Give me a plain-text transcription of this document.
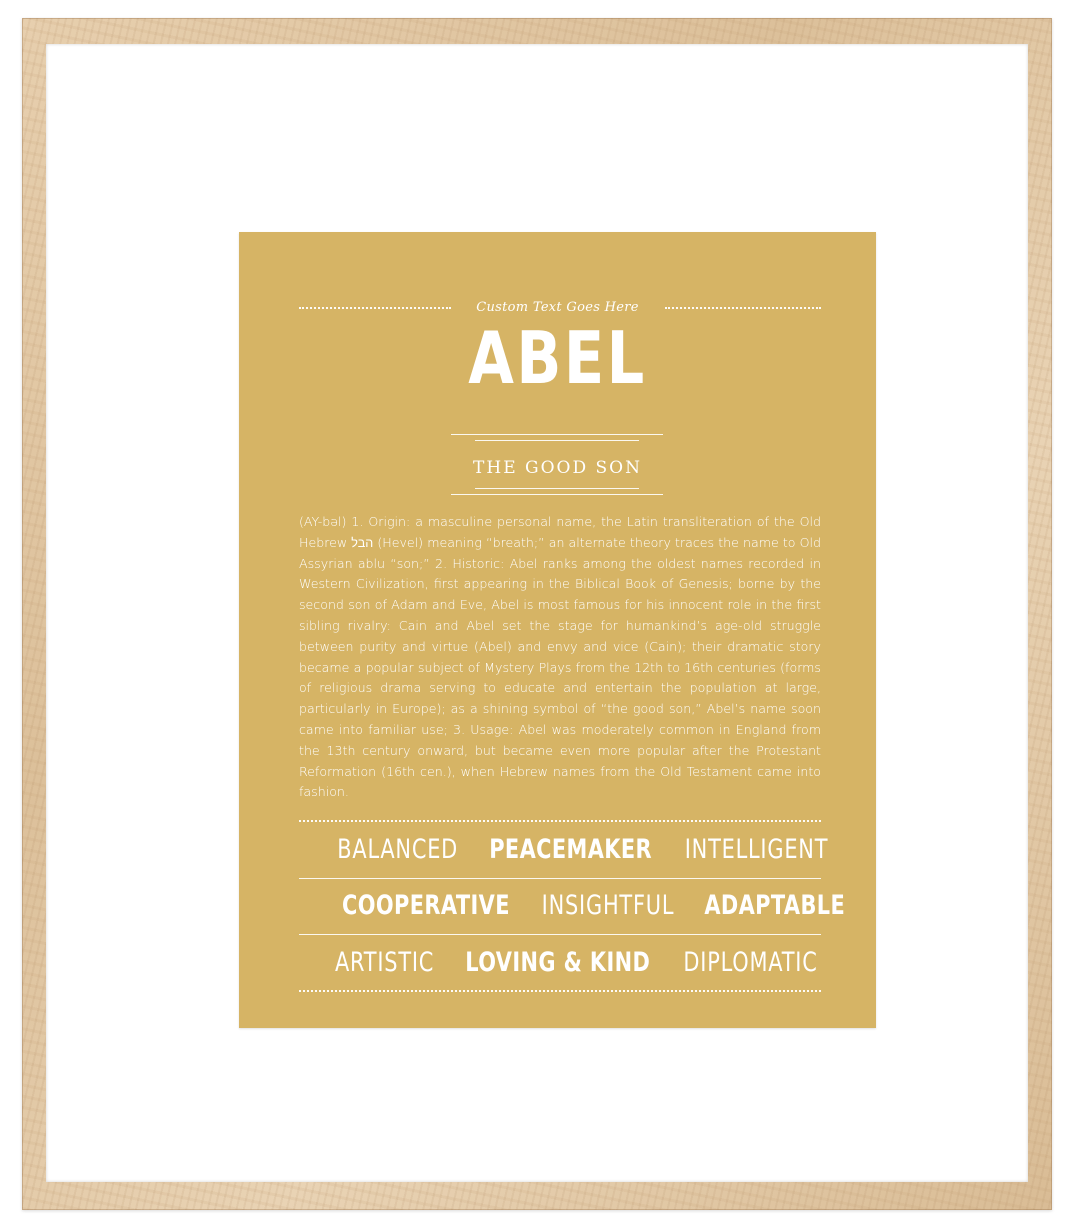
Custom Text Goes Here
ABEL
THE GOOD SON
(AY-bəl) 1. Origin: a masculine personal name, the Latin transliteration of the Old Hebrew הבל (Hevel) meaning “breath;” an alternate theory traces the name to Old Assyrian ablu “son;” 2. Historic: Abel ranks among the oldest names recorded in Western Civilization, first appearing in the Biblical Book of Genesis; borne by the second son of Adam and Eve, Abel is most famous for his innocent role in the first sibling rivalry: Cain and Abel set the stage for humankind’s age-old struggle between purity and virtue (Abel) and envy and vice (Cain); their dramatic story became a popular subject of Mystery Plays from the 12th to 16th centuries (forms of religious drama serving to educate and entertain the population at large, particularly in Europe); as a shining symbol of “the good son,” Abel’s name soon came into familiar use; 3. Usage: Abel was moderately common in England from the 13th century onward, but became even more popular after the Protestant Reformation (16th cen.), when Hebrew names from the Old Testament came into fashion.
BALANCED PEACEMAKER INTELLIGENT
COOPERATIVE INSIGHTFUL ADAPTABLE
ARTISTIC LOVING & KIND DIPLOMATIC
